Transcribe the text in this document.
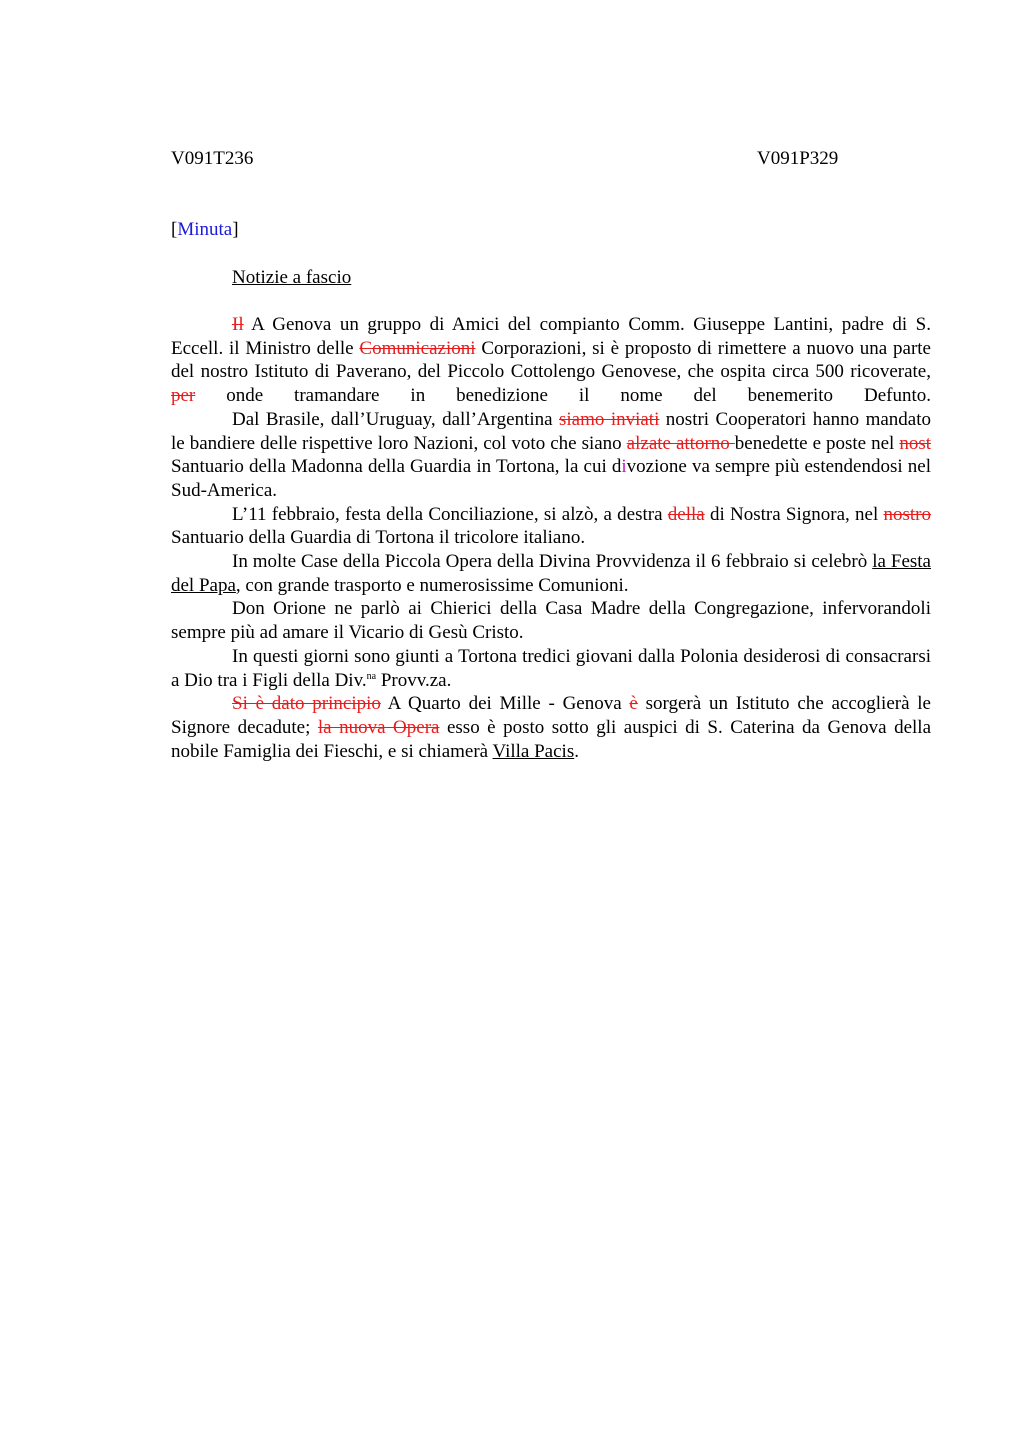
V091T236	V091P329
[Minuta]
Notizie a fascio

Il A Genova un gruppo di Amici del compianto Comm. Giuseppe Lantini, padre di S. Eccell. il Ministro delle Comunicazioni Corporazioni, si è proposto di rimettere a nuovo una parte del nostro Istituto di Paverano, del Piccolo Cottolengo Genovese, che ospita circa 500 ricoverate, per onde tramandare in benedizione il nome del benemerito Defunto.

Dal Brasile, dall’Uruguay, dall’Argentina siamo inviati nostri Cooperatori hanno mandato le bandiere delle rispettive loro Nazioni, col voto che siano alzate attorno benedette e poste nel nost Santuario della Madonna della Guardia in Tortona, la cui divozione va sempre più estendendosi nel Sud-America.

L’11 febbraio, festa della Conciliazione, si alzò, a destra della di Nostra Signora, nel nostro Santuario della Guardia di Tortona il tricolore italiano.

In molte Case della Piccola Opera della Divina Provvidenza il 6 febbraio si celebrò la Festa del Papa, con grande trasporto e numerosissime Comunioni.

Don Orione ne parlò ai Chierici della Casa Madre della Congregazione, infervorandoli sempre più ad amare il Vicario di Gesù Cristo.

In questi giorni sono giunti a Tortona tredici giovani dalla Polonia desiderosi di consacrarsi a Dio tra i Figli della Div.$^{na}$ Provv.za.

Si è dato principio A Quarto dei Mille - Genova è sorgerà un Istituto che accoglierà le Signore decadute; la nuova Opera esso è posto sotto gli auspici di S. Caterina da Genova della nobile Famiglia dei Fieschi, e si chiamerà Villa Pacis.
